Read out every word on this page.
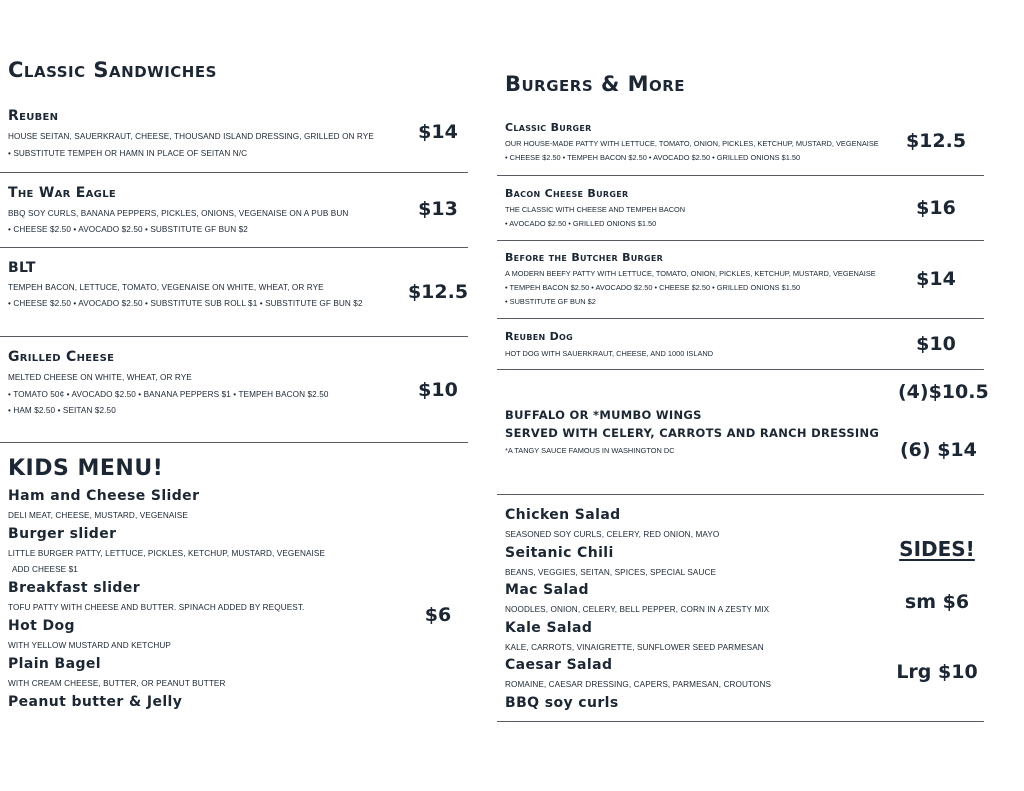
Classic Sandwiches
Reuben
HOUSE SEITAN, SAUERKRAUT, CHEESE, THOUSAND ISLAND DRESSING, GRILLED ON RYE
• SUBSTITUTE TEMPEH OR HAMN IN PLACE OF SEITAN N/C
$14
The War Eagle
BBQ SOY CURLS, BANANA PEPPERS, PICKLES, ONIONS, VEGENAISE ON A PUB BUN
• CHEESE $2.50 • AVOCADO $2.50 • SUBSTITUTE GF BUN $2
$13
BLT
TEMPEH BACON, LETTUCE, TOMATO, VEGENAISE ON WHITE, WHEAT, OR RYE
• CHEESE $2.50 • AVOCADO $2.50 • SUBSTITUTE SUB ROLL $1 • SUBSTITUTE GF BUN $2
$12.5
Grilled Cheese
MELTED CHEESE ON WHITE, WHEAT, OR RYE
• TOMATO 50¢ • AVOCADO $2.50 • BANANA PEPPERS $1 • TEMPEH BACON $2.50
• HAM $2.50 • SEITAN $2.50
$10
KIDS MENU!
Ham and Cheese Slider
DELI MEAT, CHEESE, MUSTARD, VEGENAISE
Burger slider
LITTLE BURGER PATTY, LETTUCE, PICKLES, KETCHUP, MUSTARD, VEGENAISE
ADD CHEESE $1
Breakfast slider
TOFU PATTY WITH CHEESE AND BUTTER. SPINACH ADDED BY REQUEST.
Hot Dog
WITH YELLOW MUSTARD AND KETCHUP
Plain Bagel
WITH CREAM CHEESE, BUTTER, OR PEANUT BUTTER
Peanut butter & Jelly
$6
Burgers & More
Classic Burger
OUR HOUSE-MADE PATTY WITH LETTUCE, TOMATO, ONION, PICKLES, KETCHUP, MUSTARD, VEGENAISE
• CHEESE $2.50 • TEMPEH BACON $2.50 • AVOCADO $2.50 • GRILLED ONIONS $1.50
$12.5
Bacon Cheese Burger
THE CLASSIC WITH CHEESE AND TEMPEH BACON
• AVOCADO $2.50 • GRILLED ONIONS $1.50
$16
Before the Butcher Burger
A MODERN BEEFY PATTY WITH LETTUCE, TOMATO, ONION, PICKLES, KETCHUP, MUSTARD, VEGENAISE
• TEMPEH BACON $2.50 • AVOCADO $2.50 • CHEESE $2.50 • GRILLED ONIONS $1.50
• SUBSTITUTE GF BUN $2
$14
Reuben Dog
HOT DOG WITH SAUERKRAUT, CHEESE, AND 1000 ISLAND	$10
(4)$10.5
BUFFALO OR *MUMBO WINGS
SERVED WITH CELERY, CARROTS AND RANCH DRESSING
*A TANGY SAUCE FAMOUS IN WASHINGTON DC	(6) $14
Chicken Salad
SEASONED SOY CURLS, CELERY, RED ONION, MAYO
Seitanic Chili
BEANS, VEGGIES, SEITAN, SPICES, SPECIAL SAUCE
Mac Salad
NOODLES, ONION, CELERY, BELL PEPPER, CORN IN A ZESTY MIX
Kale Salad
KALE, CARROTS, VINAIGRETTE, SUNFLOWER SEED PARMESAN
Caesar Salad
ROMAINE, CAESAR DRESSING, CAPERS, PARMESAN, CROUTONS
BBQ soy curls
SIDES!
sm $6
Lrg $10
